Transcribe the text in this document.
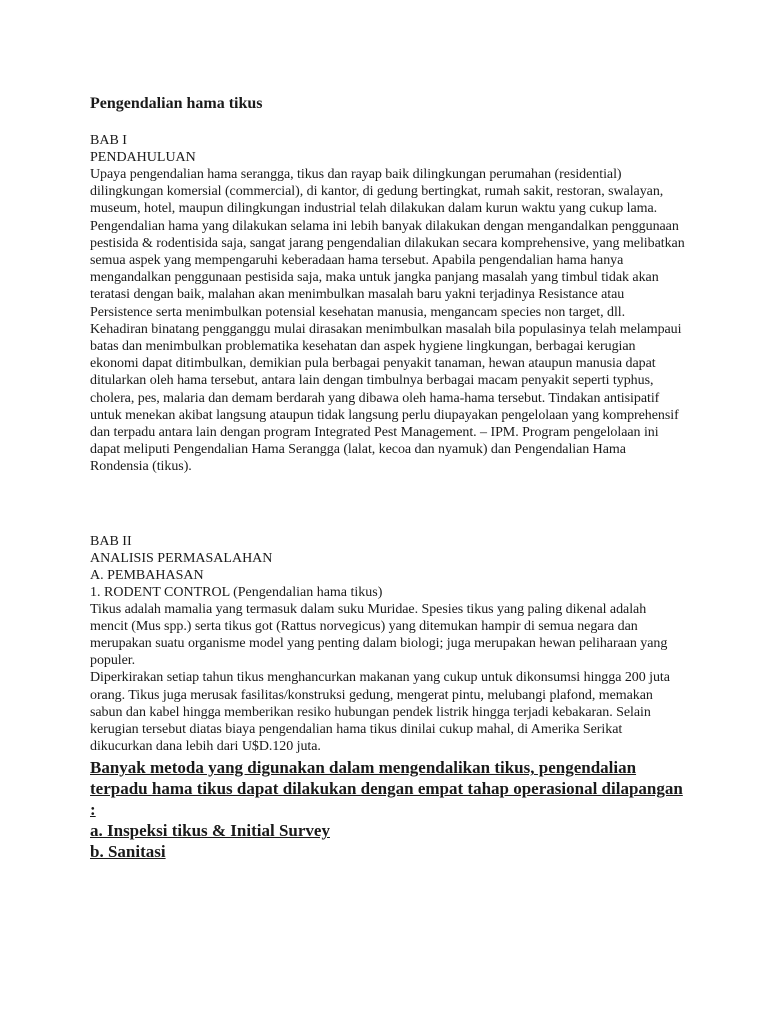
Pengendalian hama tikus

BAB I

PENDAHULUAN

Upaya pengendalian hama serangga, tikus dan rayap baik dilingkungan perumahan (residential) dilingkungan komersial (commercial), di kantor, di gedung bertingkat, rumah sakit, restoran, swalayan, museum, hotel, maupun dilingkungan industrial telah dilakukan dalam kurun waktu yang cukup lama.

Pengendalian hama yang dilakukan selama ini lebih banyak dilakukan dengan mengandalkan penggunaan pestisida & rodentisida saja, sangat jarang pengendalian dilakukan secara komprehensive, yang melibatkan semua aspek yang mempengaruhi keberadaan hama tersebut. Apabila pengendalian hama hanya mengandalkan penggunaan pestisida saja, maka untuk jangka panjang masalah yang timbul tidak akan teratasi dengan baik, malahan akan menimbulkan masalah baru yakni terjadinya Resistance atau Persistence serta menimbulkan potensial kesehatan manusia, mengancam species non target, dll.

Kehadiran binatang pengganggu mulai dirasakan menimbulkan masalah bila populasinya telah melampaui batas dan menimbulkan problematika kesehatan dan aspek hygiene lingkungan, berbagai kerugian ekonomi dapat ditimbulkan, demikian pula berbagai penyakit tanaman, hewan ataupun manusia dapat ditularkan oleh hama tersebut, antara lain dengan timbulnya berbagai macam penyakit seperti typhus, cholera, pes, malaria dan demam berdarah yang dibawa oleh hama-hama tersebut. Tindakan antisipatif untuk menekan akibat langsung ataupun tidak langsung perlu diupayakan pengelolaan yang komprehensif dan terpadu antara lain dengan program Integrated Pest Management. – IPM. Program pengelolaan ini dapat meliputi Pengendalian Hama Serangga (lalat, kecoa dan nyamuk) dan Pengendalian Hama Rondensia (tikus).

BAB II

ANALISIS PERMASALAHAN

A. PEMBAHASAN

1. RODENT CONTROL (Pengendalian hama tikus)

Tikus adalah mamalia yang termasuk dalam suku Muridae. Spesies tikus yang paling dikenal adalah mencit (Mus spp.) serta tikus got (Rattus norvegicus) yang ditemukan hampir di semua negara dan merupakan suatu organisme model yang penting dalam biologi; juga merupakan hewan peliharaan yang populer.

Diperkirakan setiap tahun tikus menghancurkan makanan yang cukup untuk dikonsumsi hingga 200 juta orang. Tikus juga merusak fasilitas/konstruksi gedung, mengerat pintu, melubangi plafond, memakan sabun dan kabel hingga memberikan resiko hubungan pendek listrik hingga terjadi kebakaran. Selain kerugian tersebut diatas biaya pengendalian hama tikus dinilai cukup mahal, di Amerika Serikat dikucurkan dana lebih dari U$D.120 juta.

Banyak metoda yang digunakan dalam mengendalikan tikus, pengendalian terpadu hama tikus dapat dilakukan dengan empat tahap operasional dilapangan :

a. Inspeksi tikus & Initial Survey

b. Sanitasi
